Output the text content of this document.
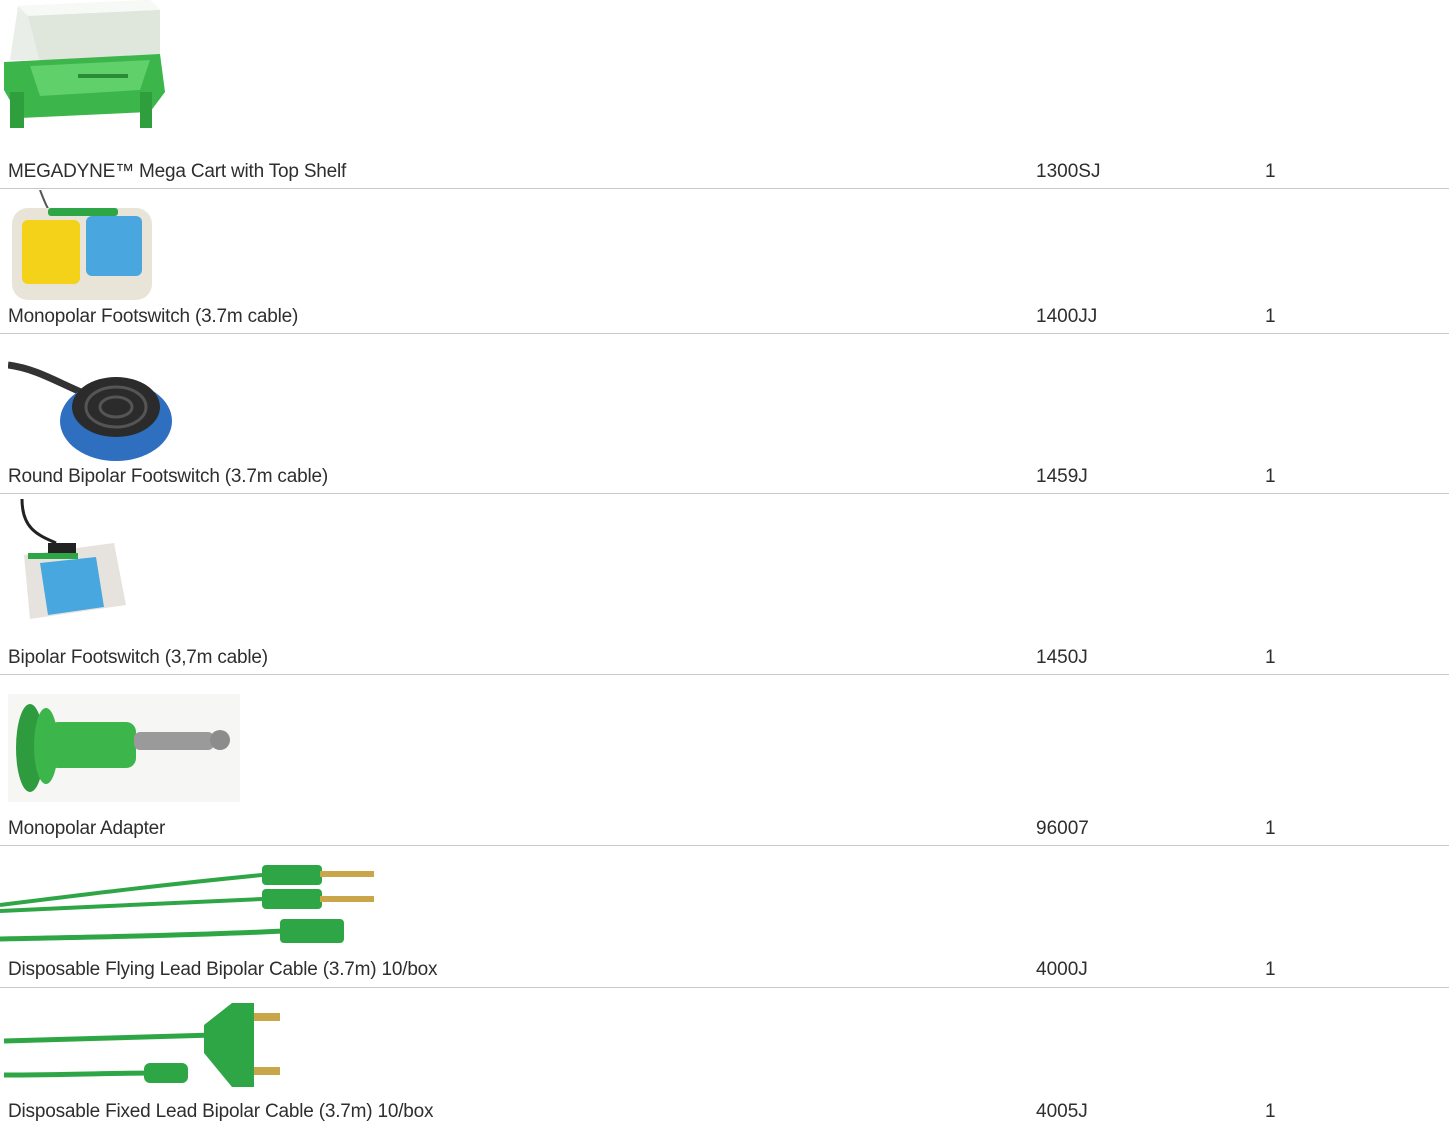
MEGADYNE™ Mega Cart with Top Shelf	1300SJ	1
Monopolar Footswitch (3.7m cable)	1400JJ	1
Round Bipolar Footswitch (3.7m cable)	1459J	1
Bipolar Footswitch (3,7m cable)	1450J	1
Monopolar Adapter	96007	1
Disposable Flying Lead Bipolar Cable (3.7m) 10/box	4000J	1
Disposable Fixed Lead Bipolar Cable (3.7m) 10/box	4005J	1
